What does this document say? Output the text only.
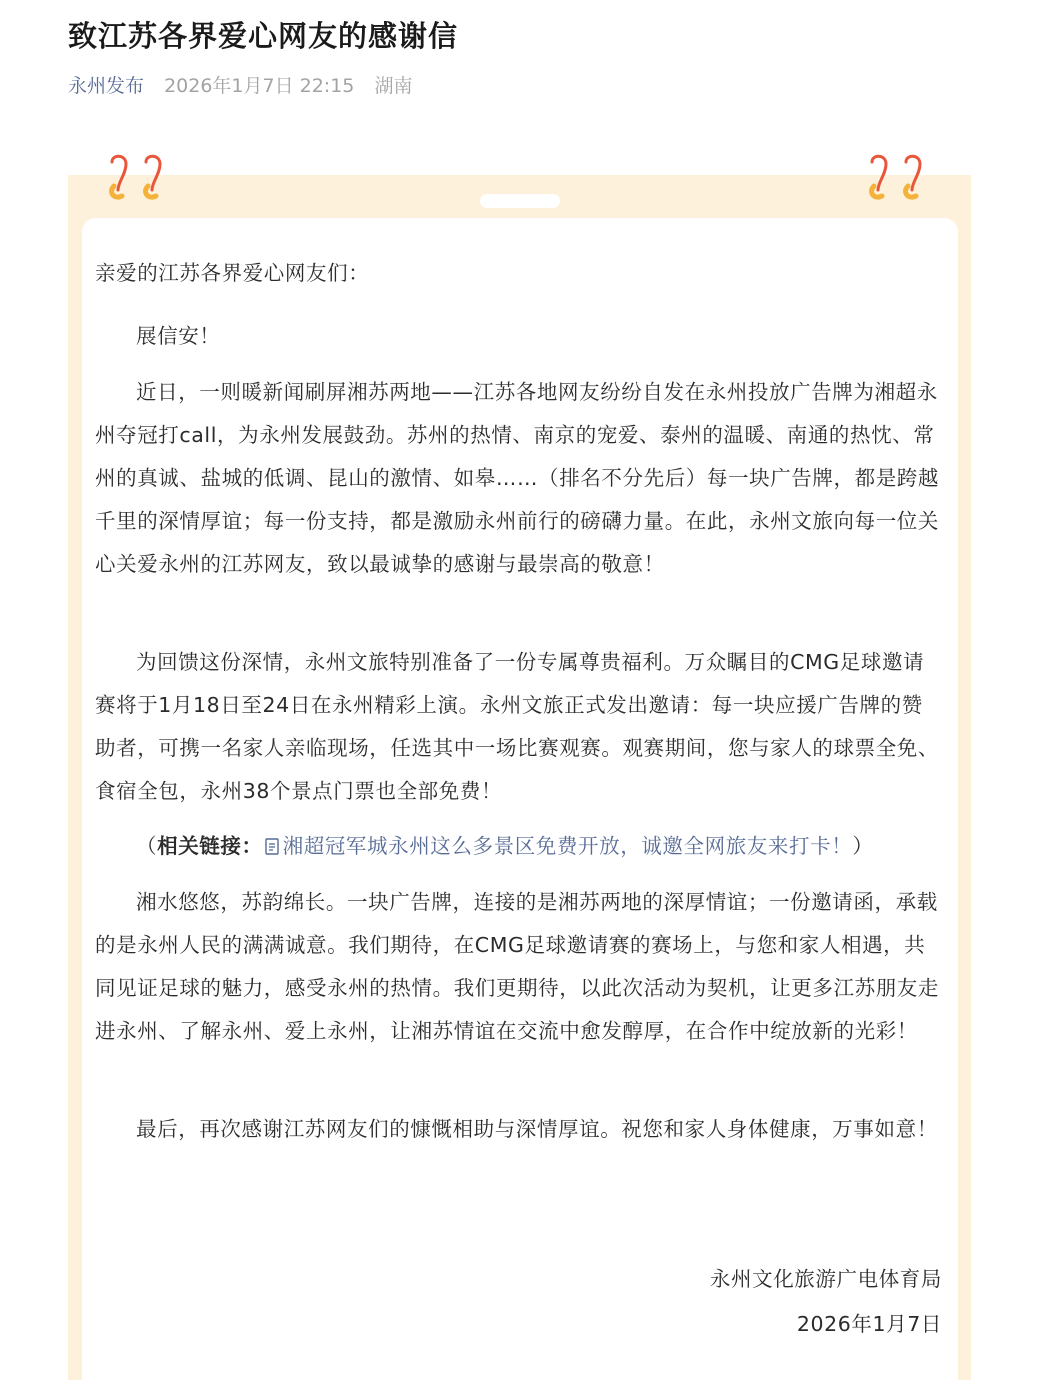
致江苏各界爱心网友的感谢信
永州发布 2026年1月7日 22:15 湖南
亲爱的江苏各界爱心网友们：
展信安！
近日，一则暖新闻刷屏湘苏两地——江苏各地网友纷纷自发在永州投放广告牌为湘超永州夺冠打call，为永州发展鼓劲。苏州的热情、南京的宠爱、泰州的温暖、南通的热忱、常州的真诚、盐城的低调、昆山的激情、如皋……（排名不分先后）每一块广告牌，都是跨越千里的深情厚谊；每一份支持，都是激励永州前行的磅礴力量。在此，永州文旅向每一位关心关爱永州的江苏网友，致以最诚挚的感谢与最崇高的敬意！
为回馈这份深情，永州文旅特别准备了一份专属尊贵福利。万众瞩目的CMG足球邀请赛将于1月18日至24日在永州精彩上演。永州文旅正式发出邀请：每一块应援广告牌的赞助者，可携一名家人亲临现场，任选其中一场比赛观赛。观赛期间，您与家人的球票全免、食宿全包，永州38个景点门票也全部免费！
（相关链接： 湘超冠军城永州这么多景区免费开放，诚邀全网旅友来打卡！）
湘水悠悠，苏韵绵长。一块广告牌，连接的是湘苏两地的深厚情谊；一份邀请函，承载的是永州人民的满满诚意。我们期待，在CMG足球邀请赛的赛场上，与您和家人相遇，共同见证足球的魅力，感受永州的热情。我们更期待，以此次活动为契机，让更多江苏朋友走进永州、了解永州、爱上永州，让湘苏情谊在交流中愈发醇厚，在合作中绽放新的光彩！
最后，再次感谢江苏网友们的慷慨相助与深情厚谊。祝您和家人身体健康，万事如意！
永州文化旅游广电体育局
2026年1月7日
